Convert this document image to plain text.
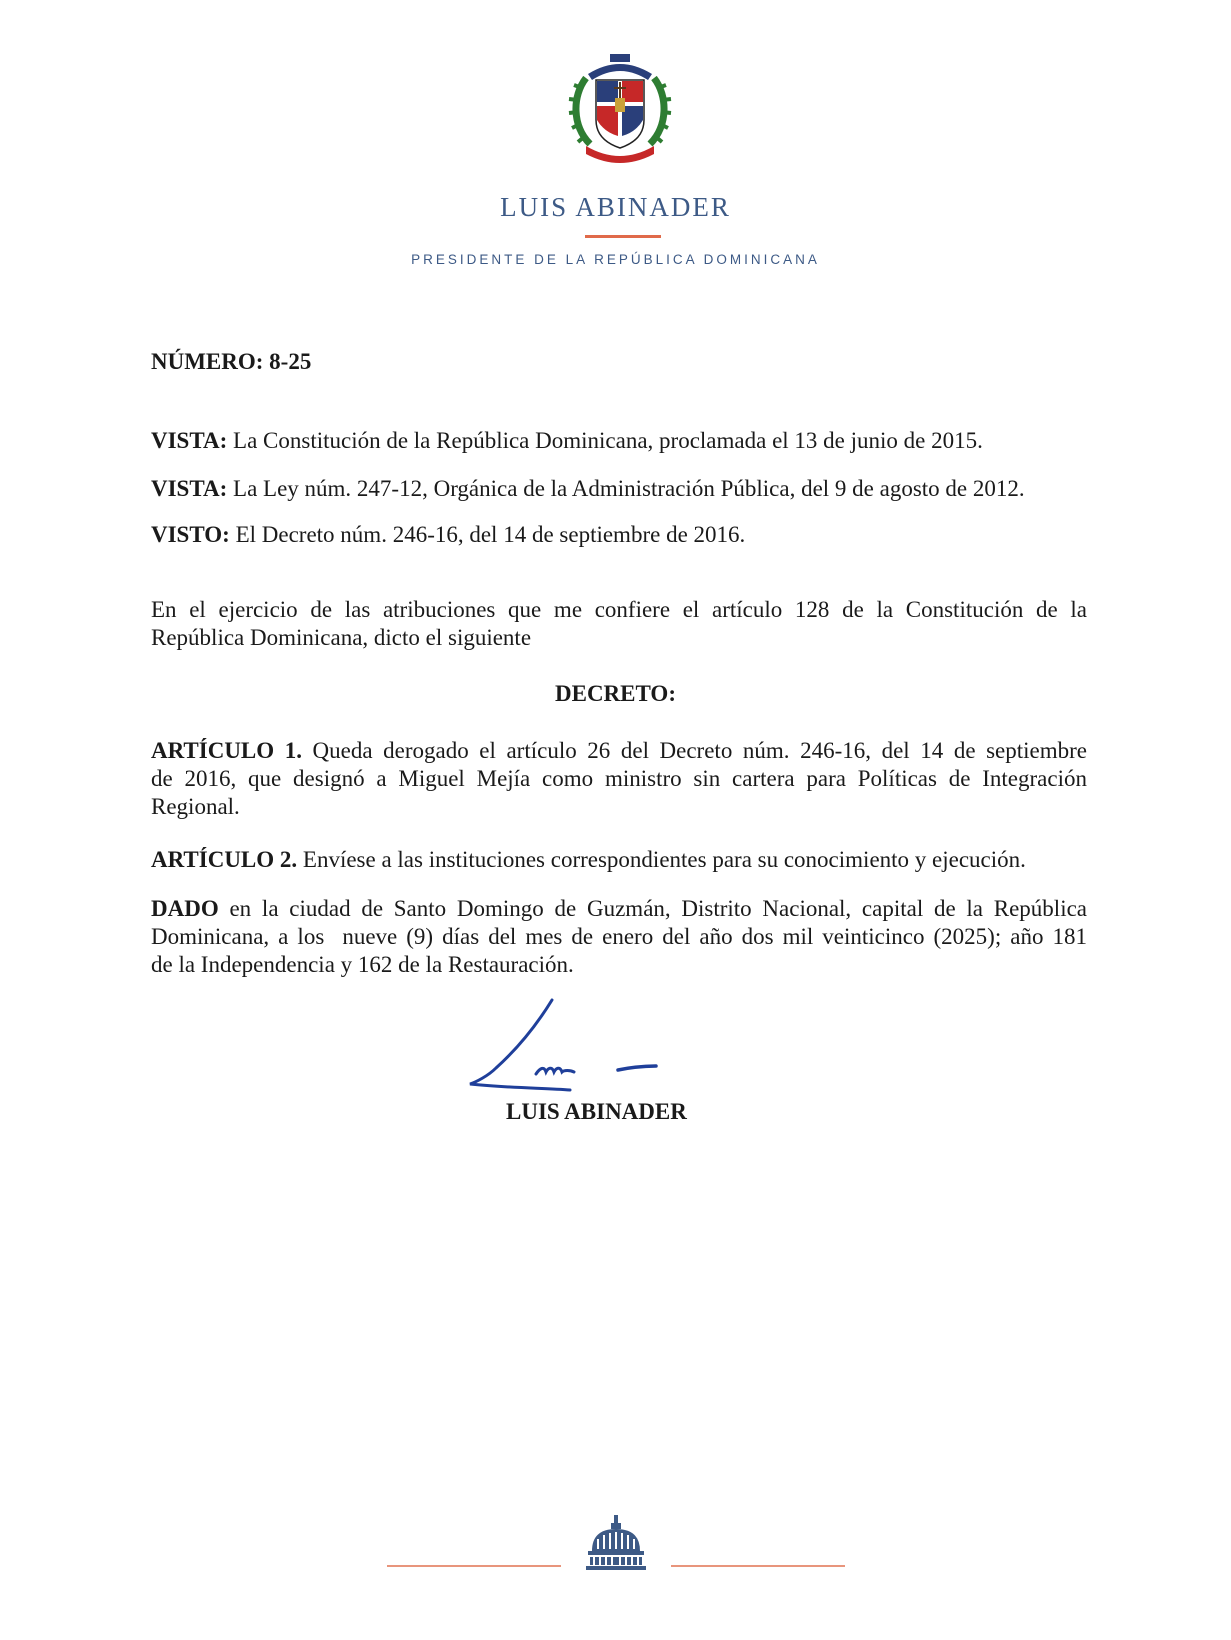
LUIS ABINADER
PRESIDENTE DE LA REPÚBLICA DOMINICANA
NÚMERO: 8-25
VISTA: La Constitución de la República Dominicana, proclamada el 13 de junio de 2015.
VISTA: La Ley núm. 247-12, Orgánica de la Administración Pública, del 9 de agosto de 2012.
VISTO: El Decreto núm. 246-16, del 14 de septiembre de 2016.
En el ejercicio de las atribuciones que me confiere el artículo 128 de la Constitución de la
República Dominicana, dicto el siguiente
DECRETO:
ARTÍCULO 1. Queda derogado el artículo 26 del Decreto núm. 246-16, del 14 de septiembre
de 2016, que designó a Miguel Mejía como ministro sin cartera para Políticas de Integración
Regional.
ARTÍCULO 2. Envíese a las instituciones correspondientes para su conocimiento y ejecución.
DADO en la ciudad de Santo Domingo de Guzmán, Distrito Nacional, capital de la República
Dominicana, a los  nueve (9) días del mes de enero del año dos mil veinticinco (2025); año 181
de la Independencia y 162 de la Restauración.
LUIS ABINADER
